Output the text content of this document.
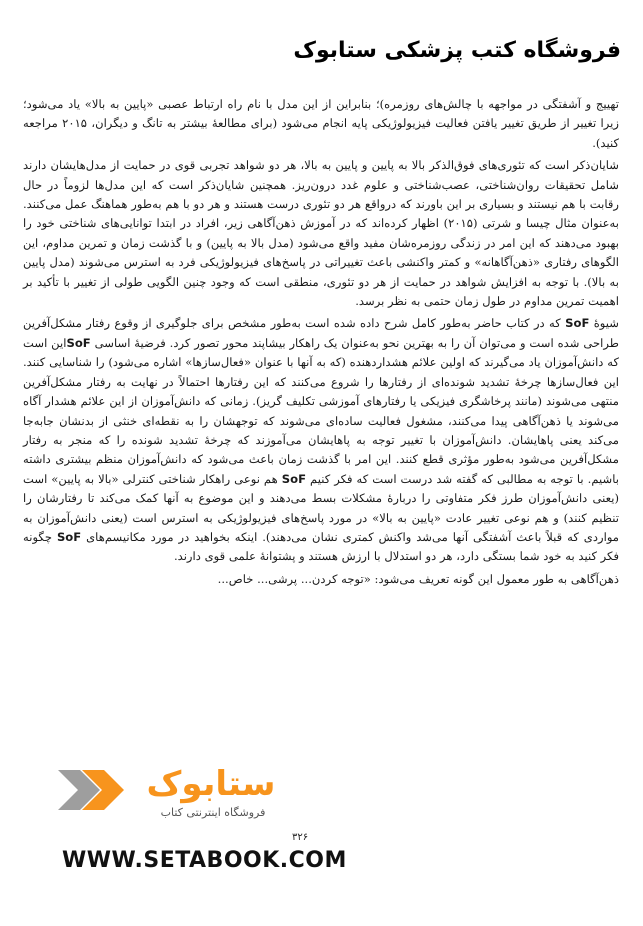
فروشگاه کتب پزشکی ستابوک

تهییج و آشفتگی در مواجهه با چالش‌های روزمره)؛ بنابراین از این مدل با نام راه ارتباط عصبی «پایین به بالا» یاد می‌شود؛ زیرا تغییر از طریق تغییر یافتن فعالیت فیزیولوژیکی پایه انجام می‌شود (برای مطالعهٔ بیشتر به تانگ و دیگران، ۲۰۱۵ مراجعه کنید).

شایان‌ذکر است که تئوری‌های فوق‌الذکر بالا به پایین و پایین به بالا، هر دو شواهد تجربی قوی در حمایت از مدل‌هایشان دارند شامل تحقیقات روان‌شناختی، عصب‌شناختی و علوم غدد درون‌ریز. همچنین شایان‌ذکر است که این مدل‌ها لزوماً در حال رقابت با هم نیستند و بسیاری بر این باورند که درواقع هر دو تئوری درست هستند و هر دو با هم به‌طور هماهنگ عمل می‌کنند. به‌عنوان مثال چیسا و شرتی (۲۰۱۵) اظهار کرده‌اند که در آموزش ذهن‌آگاهی زیر، افراد در ابتدا توانایی‌های شناختی خود را بهبود می‌دهند که این امر در زندگی روزمره‌شان مفید واقع می‌شود (مدل بالا به پایین) و با گذشت زمان و تمرین مداوم، این الگوهای رفتاری «ذهن‌آگاهانه» و کمتر واکنشی باعث تغییراتی در پاسخ‌های فیزیولوژیکی فرد به استرس می‌شوند (مدل پایین به بالا). با توجه به افزایش شواهد در حمایت از هر دو تئوری، منطقی است که وجود چنین الگویی طولی از تغییر با تأکید بر اهمیت تمرین مداوم در طول زمان حتمی به نظر برسد.

شیوهٔ SoF که در کتاب حاضر به‌طور کامل شرح داده شده است به‌طور مشخص برای جلوگیری از وقوع رفتار مشکل‌آفرین طراحی شده است و می‌توان آن را به بهترین نحو به‌عنوان یک راهکار بیشاپند محور تصور کرد. فرضیهٔ اساسی SoFاین است که دانش‌آموزان یاد می‌گیرند که اولین علائم هشداردهنده (که به آنها با عنوان «فعال‌سازها» اشاره می‌شود) را شناسایی کنند. این فعال‌سازها چرخهٔ تشدید شونده‌ای از رفتارها را شروع می‌کنند که این رفتارها احتمالاً در نهایت به رفتار مشکل‌آفرین منتهی می‌شوند (مانند پرخاشگری فیزیکی یا رفتارهای آموزشی تکلیف گریز). زمانی که دانش‌آموزان از این علائم هشدار آگاه می‌شوند یا ذهن‌آگاهی پیدا می‌کنند، مشغول فعالیت ساده‌ای می‌شوند که توجهشان را به نقطه‌ای خنثی از بدنشان جابه‌جا می‌کند یعنی پاهایشان. دانش‌آموزان با تغییر توجه به پاهایشان می‌آموزند که چرخهٔ تشدید شونده را که منجر به رفتار مشکل‌آفرین می‌شود به‌طور مؤثری قطع کنند. این امر با گذشت زمان باعث می‌شود که دانش‌آموزان منظم بیشتری داشته باشیم. با توجه به مطالبی که گفته شد درست است که فکر کنیم SoF هم نوعی راهکار شناختی کنترلی «بالا به پایین» است (یعنی دانش‌آموزان طرز فکر متفاوتی را دربارهٔ مشکلات بسط می‌دهند و این موضوع به آنها کمک می‌کند تا رفتارشان را تنظیم کنند) و هم نوعی تغییر عادت «پایین به بالا» در مورد پاسخ‌های فیزیولوژیکی به استرس است (یعنی دانش‌آموزان به مواردی که قبلاً باعث آشفتگی آنها می‌شد واکنش کمتری نشان می‌دهند). اینکه بخواهید در مورد مکانیسم‌های SoF چگونه فکر کنید به خود شما بستگی دارد، هر دو استدلال با ارزش هستند و پشتوانهٔ علمی قوی دارند.

ذهن‌آگاهی به طور معمول این گونه تعریف می‌شود: «توجه کردن... پرشی... خاص...

ستابوک
فروشگاه اینترنتی کتاب
۳۲۶
WWW.SETABOOK.COM
